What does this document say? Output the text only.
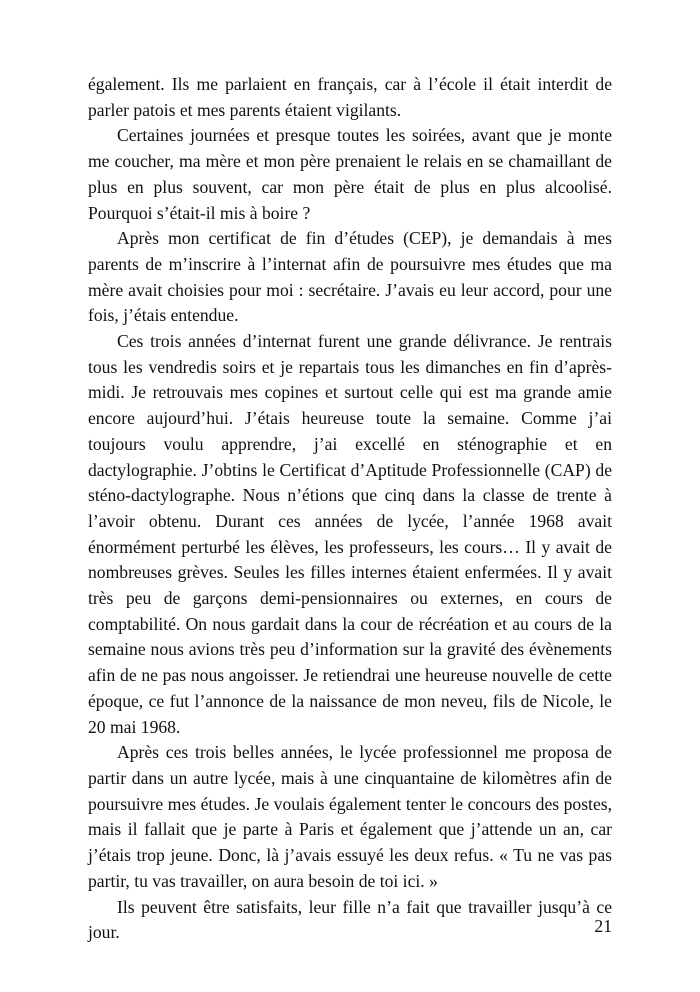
également. Ils me parlaient en français, car à l’école il était interdit de parler patois et mes parents étaient vigilants.

Certaines journées et presque toutes les soirées, avant que je monte me coucher, ma mère et mon père prenaient le relais en se chamaillant de plus en plus souvent, car mon père était de plus en plus alcoolisé. Pourquoi s’était-il mis à boire ?

Après mon certificat de fin d’études (CEP), je demandais à mes parents de m’inscrire à l’internat afin de poursuivre mes études que ma mère avait choisies pour moi : secrétaire. J’avais eu leur accord, pour une fois, j’étais entendue.

Ces trois années d’internat furent une grande délivrance. Je rentrais tous les vendredis soirs et je repartais tous les dimanches en fin d’après-midi. Je retrouvais mes copines et surtout celle qui est ma grande amie encore aujourd’hui. J’étais heureuse toute la semaine. Comme j’ai toujours voulu apprendre, j’ai excellé en sténographie et en dactylographie. J’obtins le Certificat d’Aptitude Professionnelle (CAP) de sténo-dactylographe. Nous n’étions que cinq dans la classe de trente à l’avoir obtenu. Durant ces années de lycée, l’année 1968 avait énormément perturbé les élèves, les professeurs, les cours… Il y avait de nombreuses grèves. Seules les filles internes étaient enfermées. Il y avait très peu de garçons demi-pensionnaires ou externes, en cours de comptabilité. On nous gardait dans la cour de récréation et au cours de la semaine nous avions très peu d’information sur la gravité des évènements afin de ne pas nous angoisser. Je retiendrai une heureuse nouvelle de cette époque, ce fut l’annonce de la naissance de mon neveu, fils de Nicole, le 20 mai 1968.

Après ces trois belles années, le lycée professionnel me proposa de partir dans un autre lycée, mais à une cinquantaine de kilomètres afin de poursuivre mes études. Je voulais également tenter le concours des postes, mais il fallait que je parte à Paris et également que j’attende un an, car j’étais trop jeune. Donc, là j’avais essuyé les deux refus. « Tu ne vas pas partir, tu vas travailler, on aura besoin de toi ici. »

Ils peuvent être satisfaits, leur fille n’a fait que travailler jusqu’à ce jour.	21
